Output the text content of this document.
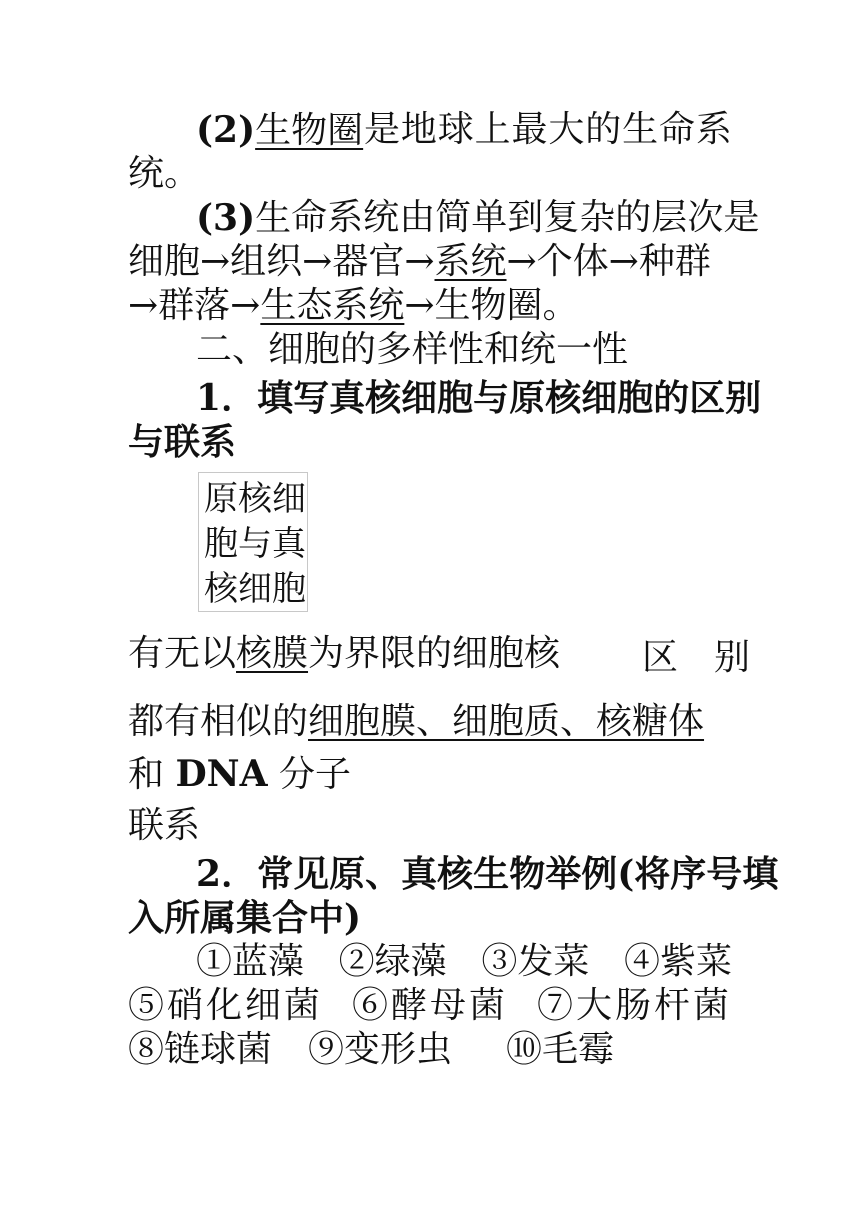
(2)生物圈 是 地 球 上 最 大 的 生 命 系
统。
(3)生 命 系 统 由 简 单 到 复 杂 的 层 次 是
细胞→组织→器官→系统→个体→种群
→群落→生态系统→生物圈。
二、细胞的多样性和统一性
1 ． 填 写 真 核 细 胞 与 原 核 细 胞 的 区 别
与联系
原核细
胞与真
核细胞
有无以核膜为界限的细胞核	区　别
都有相似的细胞膜、细胞质、核糖体
和 DNA 分子
联系
2 ． 常 见 原 、 真 核 生 物 举 例 (将 序 号 填
入所属集合中)
①蓝藻 ②绿藻 ③发菜 ④紫菜
⑤硝化细菌 ⑥酵母菌 ⑦大肠杆菌
⑧链球菌 ⑨变形虫 ⑩毛霉
